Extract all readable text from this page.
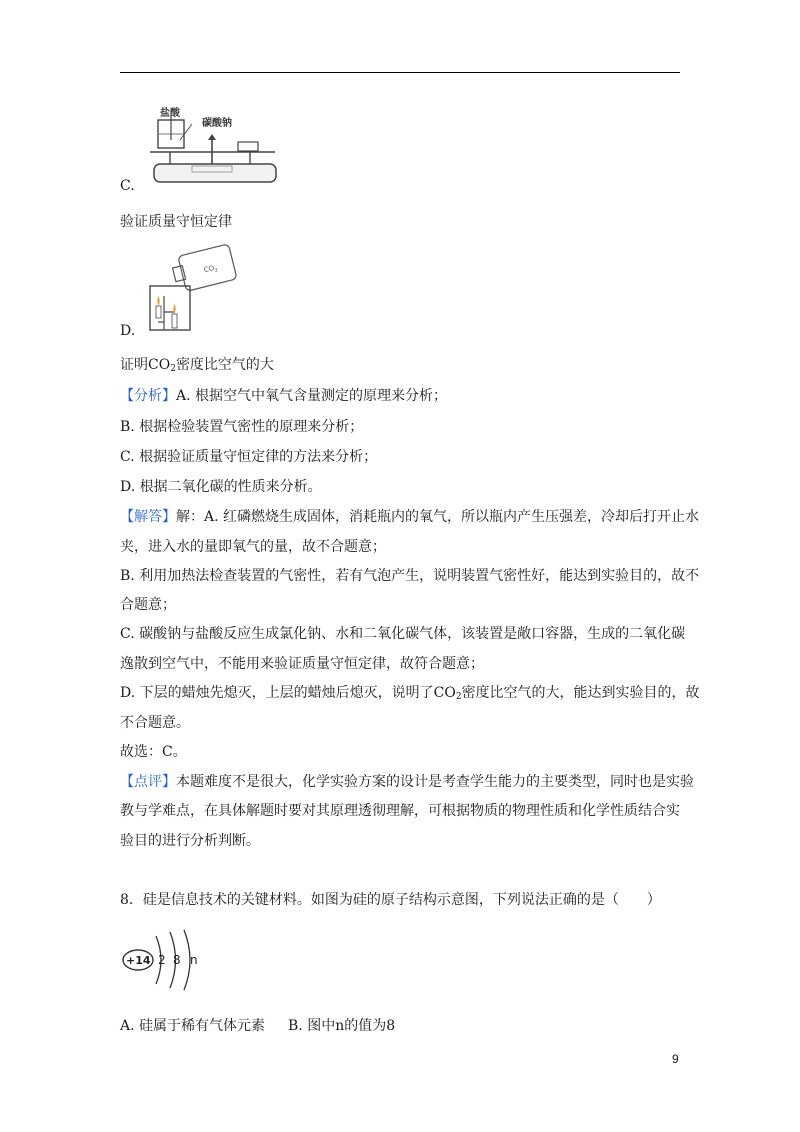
盐酸
碳酸钠
C.
验证质量守恒定律
$CO_2$
D.
证明$CO_2$密度比空气的大
【分析】A. 根据空气中氧气含量测定的原理来分析；
B. 根据检验装置气密性的原理来分析；
C. 根据验证质量守恒定律的方法来分析；
D. 根据二氧化碳的性质来分析。
【解答】解：A. 红磷燃烧生成固体，消耗瓶内的氧气，所以瓶内产生压强差，冷却后打开止水
夹，进入水的量即氧气的量，故不合题意；
B. 利用加热法检查装置的气密性，若有气泡产生，说明装置气密性好，能达到实验目的，故不
合题意；
C. 碳酸钠与盐酸反应生成氯化钠、水和二氧化碳气体，该装置是敞口容器，生成的二氧化碳
逸散到空气中，不能用来验证质量守恒定律，故符合题意；
D. 下层的蜡烛先熄灭，上层的蜡烛后熄灭，说明了$CO_2$密度比空气的大，能达到实验目的，故
不合题意。
故选：C。
【点评】本题难度不是很大，化学实验方案的设计是考查学生能力的主要类型，同时也是实验
教与学难点，在具体解题时要对其原理透彻理解，可根据物质的物理性质和化学性质结合实
验目的进行分析判断。
8．硅是信息技术的关键材料。如图为硅的原子结构示意图，下列说法正确的是（　　）
+14 2 8 n
A. 硅属于稀有气体元素 B. 图中n的值为8
9
